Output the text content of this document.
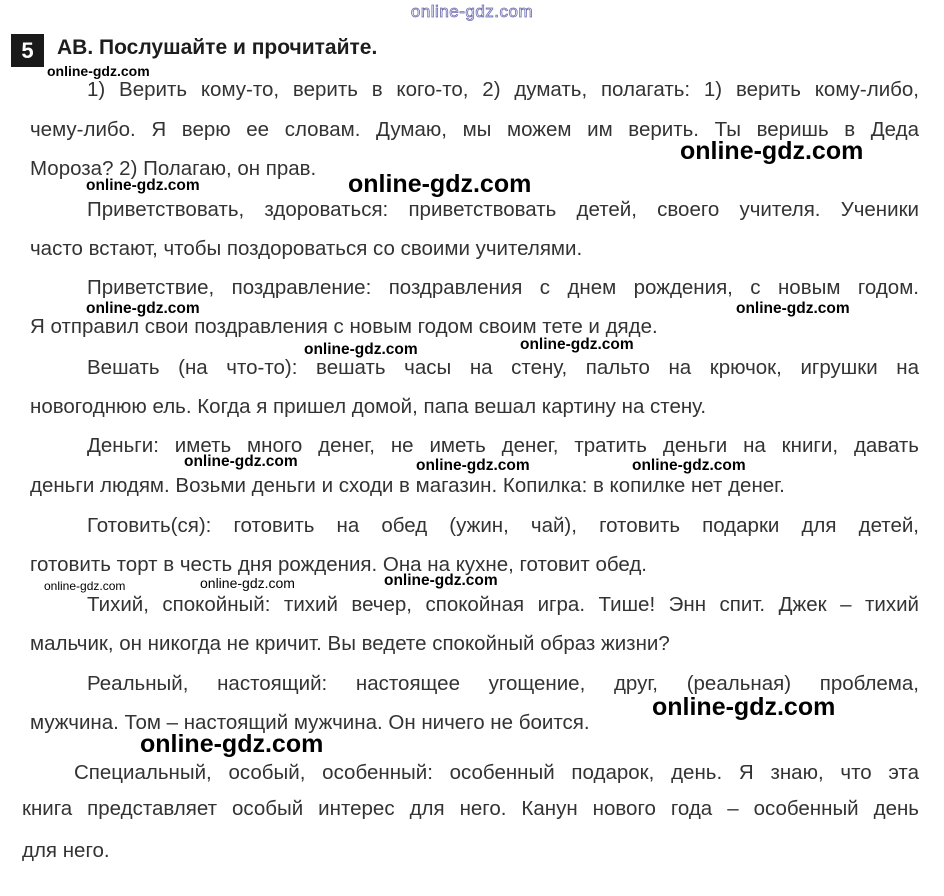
online-gdz.com
5	AB. Послушайте и прочитайте.
1) Верить кому-то, верить в кого-то, 2) думать, полагать: 1) верить кому-либо,
чему-либо. Я верю ее словам. Думаю, мы можем им верить. Ты веришь в Деда
Мороза? 2) Полагаю, он прав.
Приветствовать, здороваться: приветствовать детей, своего учителя. Ученики
часто встают, чтобы поздороваться со своими учителями.
Приветствие, поздравление: поздравления с днем рождения, с новым годом.
Я отправил свои поздравления с новым годом своим тете и дяде.
Вешать (на что-то): вешать часы на стену, пальто на крючок, игрушки на
новогоднюю ель. Когда я пришел домой, папа вешал картину на стену.
Деньги: иметь много денег, не иметь денег, тратить деньги на книги, давать
деньги людям. Возьми деньги и сходи в магазин. Копилка: в копилке нет денег.
Готовить(ся): готовить на обед (ужин, чай), готовить подарки для детей,
готовить торт в честь дня рождения. Она на кухне, готовит обед.
Тихий, спокойный: тихий вечер, спокойная игра. Тише! Энн спит. Джек – тихий
мальчик, он никогда не кричит. Вы ведете спокойный образ жизни?
Реальный, настоящий: настоящее угощение, друг, (реальная) проблема,
мужчина. Том – настоящий мужчина. Он ничего не боится.
Специальный, особый, особенный: особенный подарок, день. Я знаю, что эта
книга представляет особый интерес для него. Канун нового года – особенный день
для него.
online-gdz.com
online-gdz.com
online-gdz.com	online-gdz.com
online-gdz.com	online-gdz.com
online-gdz.com
online-gdz.com
online-gdz.com	online-gdz.com	online-gdz.com
online-gdz.com	online-gdz.com	online-gdz.com
online-gdz.com
online-gdz.com
